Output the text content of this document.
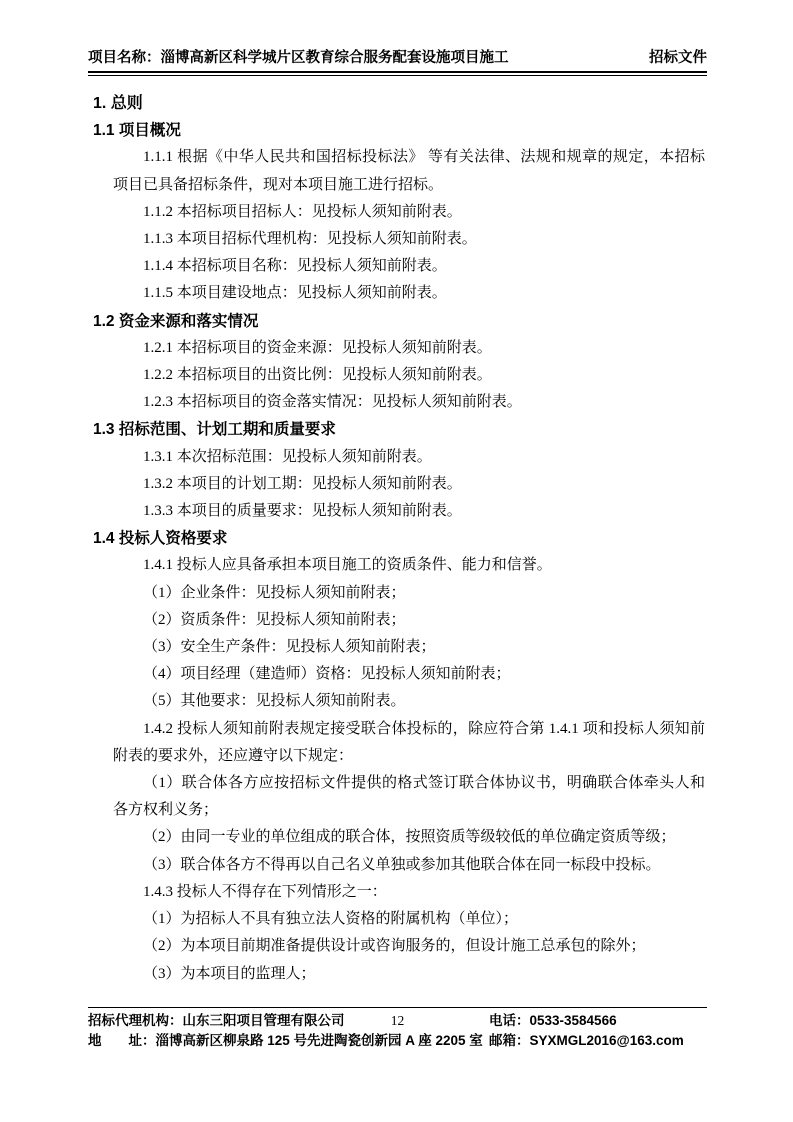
项目名称：淄博高新区科学城片区教育综合服务配套设施项目施工	招标文件

1. 总则

1.1 项目概况

1.1.1 根据《中华人民共和国招标投标法》 等有关法律、法规和规章的规定，本招标项目已具备招标条件，现对本项目施工进行招标。

1.1.2 本招标项目招标人：见投标人须知前附表。

1.1.3 本项目招标代理机构：见投标人须知前附表。

1.1.4 本招标项目名称：见投标人须知前附表。

1.1.5 本项目建设地点：见投标人须知前附表。

1.2 资金来源和落实情况

1.2.1 本招标项目的资金来源：见投标人须知前附表。

1.2.2 本招标项目的出资比例：见投标人须知前附表。

1.2.3 本招标项目的资金落实情况：见投标人须知前附表。

1.3 招标范围、计划工期和质量要求

1.3.1 本次招标范围：见投标人须知前附表。

1.3.2 本项目的计划工期：见投标人须知前附表。

1.3.3 本项目的质量要求：见投标人须知前附表。

1.4 投标人资格要求

1.4.1 投标人应具备承担本项目施工的资质条件、能力和信誉。

（1）企业条件：见投标人须知前附表；

（2）资质条件：见投标人须知前附表；

（3）安全生产条件：见投标人须知前附表；

（4）项目经理（建造师）资格：见投标人须知前附表；

（5）其他要求：见投标人须知前附表。

1.4.2 投标人须知前附表规定接受联合体投标的，除应符合第 1.4.1 项和投标人须知前附表的要求外，还应遵守以下规定：

（1）联合体各方应按招标文件提供的格式签订联合体协议书，明确联合体牵头人和各方权利义务；

（2）由同一专业的单位组成的联合体，按照资质等级较低的单位确定资质等级；

（3）联合体各方不得再以自己名义单独或参加其他联合体在同一标段中投标。

1.4.3 投标人不得存在下列情形之一：

（1）为招标人不具有独立法人资格的附属机构（单位）；

（2）为本项目前期准备提供设计或咨询服务的，但设计施工总承包的除外；

（3）为本项目的监理人；

招标代理机构：山东三阳项目管理有限公司	12	电话：0533-3584566
地　　址：淄博高新区柳泉路 125 号先进陶瓷创新园 A 座 2205 室 邮箱：SYXMGL2016@163.com
